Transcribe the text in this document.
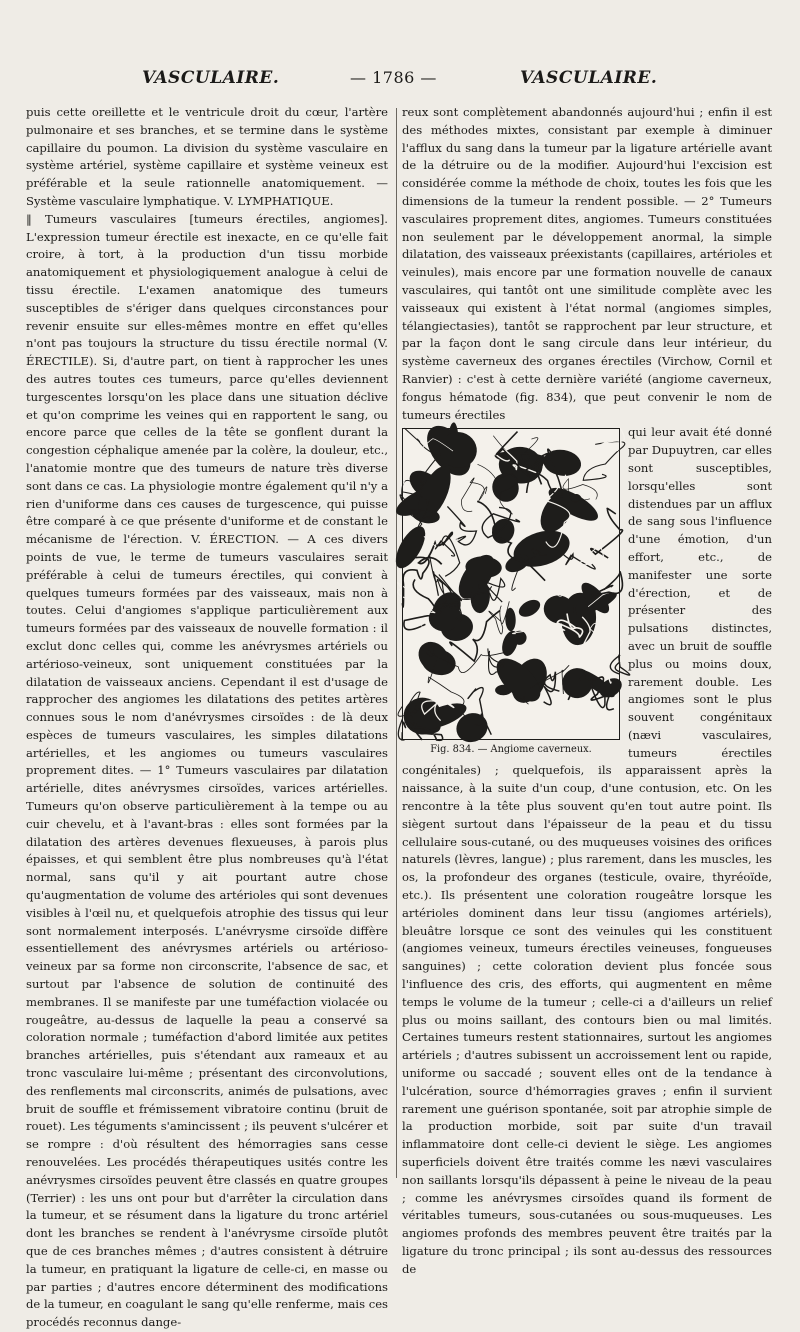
VASCULAIRE.	— 1786 —	VASCULAIRE.

puis cette oreillette et le ventricule droit du cœur, l'artère pulmonaire et ses branches, et se termine dans le système capillaire du poumon. La division du système vasculaire en système artériel, système capillaire et système veineux est préférable et la seule rationnelle anatomiquement. — Système vasculaire lymphatique. V. LYMPHATIQUE.

‖ Tumeurs vasculaires [tumeurs érectiles, angiomes]. L'expression tumeur érectile est inexacte, en ce qu'elle fait croire, à tort, à la production d'un tissu morbide anatomiquement et physiologiquement analogue à celui de tissu érectile. L'examen anatomique des tumeurs susceptibles de s'ériger dans quelques circonstances pour revenir ensuite sur elles-mêmes montre en effet qu'elles n'ont pas toujours la structure du tissu érectile normal (V. ÉRECTILE). Si, d'autre part, on tient à rapprocher les unes des autres toutes ces tumeurs, parce qu'elles deviennent turgescentes lorsqu'on les place dans une situation déclive et qu'on comprime les veines qui en rapportent le sang, ou encore parce que celles de la tête se gonflent durant la congestion céphalique amenée par la colère, la douleur, etc., l'anatomie montre que des tumeurs de nature très diverse sont dans ce cas. La physiologie montre également qu'il n'y a rien d'uniforme dans ces causes de turgescence, qui puisse être comparé à ce que présente d'uniforme et de constant le mécanisme de l'érection. V. ÉRECTION. — A ces divers points de vue, le terme de tumeurs vasculaires serait préférable à celui de tumeurs érectiles, qui convient à quelques tumeurs formées par des vaisseaux, mais non à toutes. Celui d'angiomes s'applique particulièrement aux tumeurs formées par des vaisseaux de nouvelle formation : il exclut donc celles qui, comme les anévrysmes artériels ou artérioso-veineux, sont uniquement constituées par la dilatation de vaisseaux anciens. Cependant il est d'usage de rapprocher des angiomes les dilatations des petites artères connues sous le nom d'anévrysmes cirsoïdes : de là deux espèces de tumeurs vasculaires, les simples dilatations artérielles, et les angiomes ou tumeurs vasculaires proprement dites. — 1° Tumeurs vasculaires par dilatation artérielle, dites anévrysmes cirsoïdes, varices artérielles. Tumeurs qu'on observe particulièrement à la tempe ou au cuir chevelu, et à l'avant-bras : elles sont formées par la dilatation des artères devenues flexueuses, à parois plus épaisses, et qui semblent être plus nombreuses qu'à l'état normal, sans qu'il y ait pourtant autre chose qu'augmentation de volume des artérioles qui sont devenues visibles à l'œil nu, et quelquefois atrophie des tissus qui leur sont normalement interposés. L'anévrysme cirsoïde diffère essentiellement des anévrysmes artériels ou artérioso-veineux par sa forme non circonscrite, l'absence de sac, et surtout par l'absence de solution de continuité des membranes. Il se manifeste par une tuméfaction violacée ou rougeâtre, au-dessus de laquelle la peau a conservé sa coloration normale ; tuméfaction d'abord limitée aux petites branches artérielles, puis s'étendant aux rameaux et au tronc vasculaire lui-même ; présentant des circonvolutions, des renflements mal circonscrits, animés de pulsations, avec bruit de souffle et frémissement vibratoire continu (bruit de rouet). Les téguments s'amincissent ; ils peuvent s'ulcérer et se rompre : d'où résultent des hémorragies sans cesse renouvelées. Les procédés thérapeutiques usités contre les anévrysmes cirsoïdes peuvent être classés en quatre groupes (Terrier) : les uns ont pour but d'arrêter la circulation dans la tumeur, et se résument dans la ligature du tronc artériel dont les branches se rendent à l'anévrysme cirsoïde plutôt que de ces branches mêmes ; d'autres consistent à détruire la tumeur, en pratiquant la ligature de celle-ci, en masse ou par parties ; d'autres encore déterminent des modifications de la tumeur, en coagulant le sang qu'elle renferme, mais ces procédés reconnus dange-

reux sont complètement abandonnés aujourd'hui ; enfin il est des méthodes mixtes, consistant par exemple à diminuer l'afflux du sang dans la tumeur par la ligature artérielle avant de la détruire ou de la modifier. Aujourd'hui l'excision est considérée comme la méthode de choix, toutes les fois que les dimensions de la tumeur la rendent possible. — 2° Tumeurs vasculaires proprement dites, angiomes. Tumeurs constituées non seulement par le développement anormal, la simple dilatation, des vaisseaux préexistants (capillaires, artérioles et veinules), mais encore par une formation nouvelle de canaux vasculaires, qui tantôt ont une similitude complète avec les vaisseaux qui existent à l'état normal (angiomes simples, télangiectasies), tantôt se rapprochent par leur structure, et par la façon dont le sang circule dans leur intérieur, du système caverneux des organes érectiles (Virchow, Cornil et Ranvier) : c'est à cette dernière variété (angiome caverneux, fongus hématode (fig. 834), que peut convenir le nom de tumeurs érectiles

Fig. 834. — Angiome caverneux.

qui leur avait été donné par Dupuytren, car elles sont susceptibles, lorsqu'elles sont distendues par un afflux de sang sous l'influence d'une émotion, d'un effort, etc., de manifester une sorte d'érection, et de présenter des pulsations distinctes, avec un bruit de souffle plus ou moins doux, rarement double. Les angiomes sont le plus souvent congénitaux (nævi vasculaires, tumeurs érectiles congénitales) ; quelquefois, ils apparaissent après la naissance, à la suite d'un coup, d'une contusion, etc. On les rencontre à la tête plus souvent qu'en tout autre point. Ils siègent surtout dans l'épaisseur de la peau et du tissu cellulaire sous-cutané, ou des muqueuses voisines des orifices naturels (lèvres, langue) ; plus rarement, dans les muscles, les os, la profondeur des organes (testicule, ovaire, thyréoïde, etc.). Ils présentent une coloration rougeâtre lorsque les artérioles dominent dans leur tissu (angiomes artériels), bleuâtre lorsque ce sont des veinules qui les constituent (angiomes veineux, tumeurs érectiles veineuses, fongueuses sanguines) ; cette coloration devient plus foncée sous l'influence des cris, des efforts, qui augmentent en même temps le volume de la tumeur ; celle-ci a d'ailleurs un relief plus ou moins saillant, des contours bien ou mal limités. Certaines tumeurs restent stationnaires, surtout les angiomes artériels ; d'autres subissent un accroissement lent ou rapide, uniforme ou saccadé ; souvent elles ont de la tendance à l'ulcération, source d'hémorragies graves ; enfin il survient rarement une guérison spontanée, soit par atrophie simple de la production morbide, soit par suite d'un travail inflammatoire dont celle-ci devient le siège. Les angiomes superficiels doivent être traités comme les nævi vasculaires non saillants lorsqu'ils dépassent à peine le niveau de la peau ; comme les anévrysmes cirsoïdes quand ils forment de véritables tumeurs, sous-cutanées ou sous-muqueuses. Les angiomes profonds des membres peuvent être traités par la ligature du tronc principal ; ils sont au-dessus des ressources de
